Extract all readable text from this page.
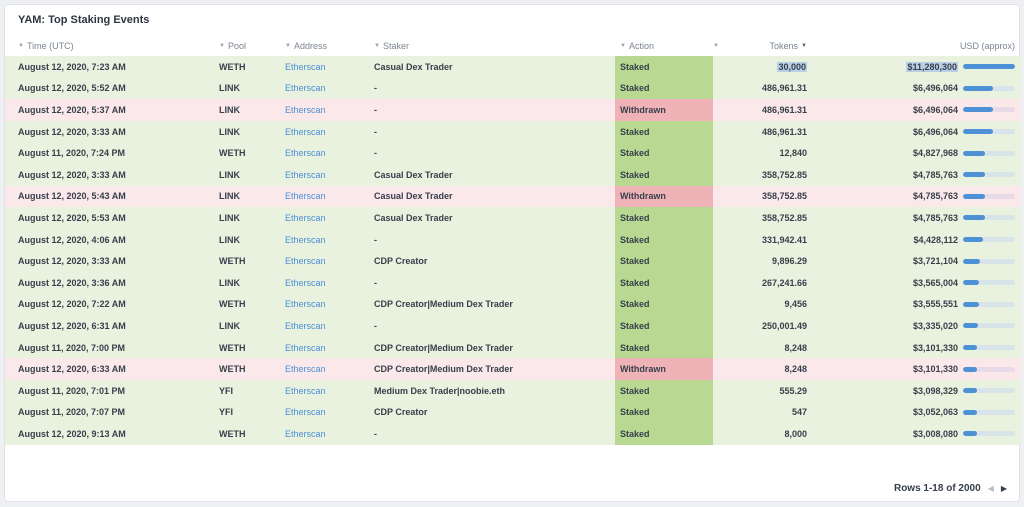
YAM: Top Staking Events
▼ Time (UTC)	▼ Pool	▼ Address	▼ Staker	▼ Action	▼	Tokens ▼	USD (approx)
August 12, 2020, 7:23 AM	WETH	Etherscan	Casual Dex Trader	Staked	30,000	$11,280,300
August 12, 2020, 5:52 AM	LINK	Etherscan	-	Staked	486,961.31	$6,496,064
August 12, 2020, 5:37 AM	LINK	Etherscan	-	Withdrawn	486,961.31	$6,496,064
August 12, 2020, 3:33 AM	LINK	Etherscan	-	Staked	486,961.31	$6,496,064
August 11, 2020, 7:24 PM	WETH	Etherscan	-	Staked	12,840	$4,827,968
August 12, 2020, 3:33 AM	LINK	Etherscan	Casual Dex Trader	Staked	358,752.85	$4,785,763
August 12, 2020, 5:43 AM	LINK	Etherscan	Casual Dex Trader	Withdrawn	358,752.85	$4,785,763
August 12, 2020, 5:53 AM	LINK	Etherscan	Casual Dex Trader	Staked	358,752.85	$4,785,763
August 12, 2020, 4:06 AM	LINK	Etherscan	-	Staked	331,942.41	$4,428,112
August 12, 2020, 3:33 AM	WETH	Etherscan	CDP Creator	Staked	9,896.29	$3,721,104
August 12, 2020, 3:36 AM	LINK	Etherscan	-	Staked	267,241.66	$3,565,004
August 12, 2020, 7:22 AM	WETH	Etherscan	CDP Creator|Medium Dex Trader	Staked	9,456	$3,555,551
August 12, 2020, 6:31 AM	LINK	Etherscan	-	Staked	250,001.49	$3,335,020
August 11, 2020, 7:00 PM	WETH	Etherscan	CDP Creator|Medium Dex Trader	Staked	8,248	$3,101,330
August 12, 2020, 6:33 AM	WETH	Etherscan	CDP Creator|Medium Dex Trader	Withdrawn	8,248	$3,101,330
August 11, 2020, 7:01 PM	YFI	Etherscan	Medium Dex Trader|noobie.eth	Staked	555.29	$3,098,329
August 11, 2020, 7:07 PM	YFI	Etherscan	CDP Creator	Staked	547	$3,052,063
August 12, 2020, 9:13 AM	WETH	Etherscan	-	Staked	8,000	$3,008,080
Rows 1-18 of 2000 ◀ ▶
